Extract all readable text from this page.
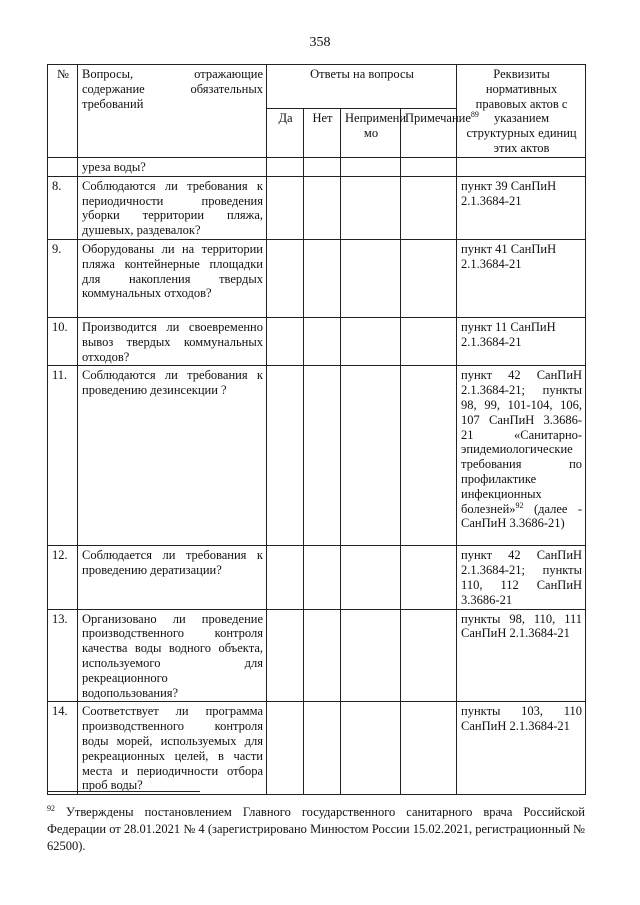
358
№	Вопросы, отражающие содержание обязательных требований	Ответы на вопросы				Реквизиты нормативных правовых актов с указанием структурных единиц этих актов
		Да	Нет	Непримени мо	Примечание$^{89}$
	уреза воды?					
8.	Соблюдаются ли требования к периодичности проведения уборки территории пляжа, душевых, раздевалок?					пункт 39 СанПиН 2.1.3684-21
9.	Оборудованы ли на территории пляжа контейнерные площадки для накопления твердых коммунальных отходов?					пункт 41 СанПиН 2.1.3684-21
10.	Производится ли своевременно вывоз твердых коммунальных отходов?					пункт 11 СанПиН 2.1.3684-21
11.	Соблюдаются ли требования к проведению дезинсекции ?					пункт 42 СанПиН 2.1.3684-21; пункты 98, 99, 101-104, 106, 107 СанПиН 3.3686-21 «Санитарно-эпидемиологические требования по профилактике инфекционных болезней»$^{92}$ (далее - СанПиН 3.3686-21)
12.	Соблюдается ли требования к проведению дератизации?					пункт 42 СанПиН 2.1.3684-21; пункты 110, 112 СанПиН 3.3686-21
13.	Организовано ли проведение производственного контроля качества воды водного объекта, используемого для рекреационного водопользования?					пункты 98, 110, 111 СанПиН 2.1.3684-21
14.	Соответствует ли программа производственного контроля воды морей, используемых для рекреационных целей, в части места и периодичности отбора проб воды?					пункты 103, 110 СанПиН 2.1.3684-21
$^{92}$ Утверждены постановлением Главного государственного санитарного врача Российской Федерации от 28.01.2021 № 4 (зарегистрировано Минюстом России 15.02.2021, регистрационный № 62500).
